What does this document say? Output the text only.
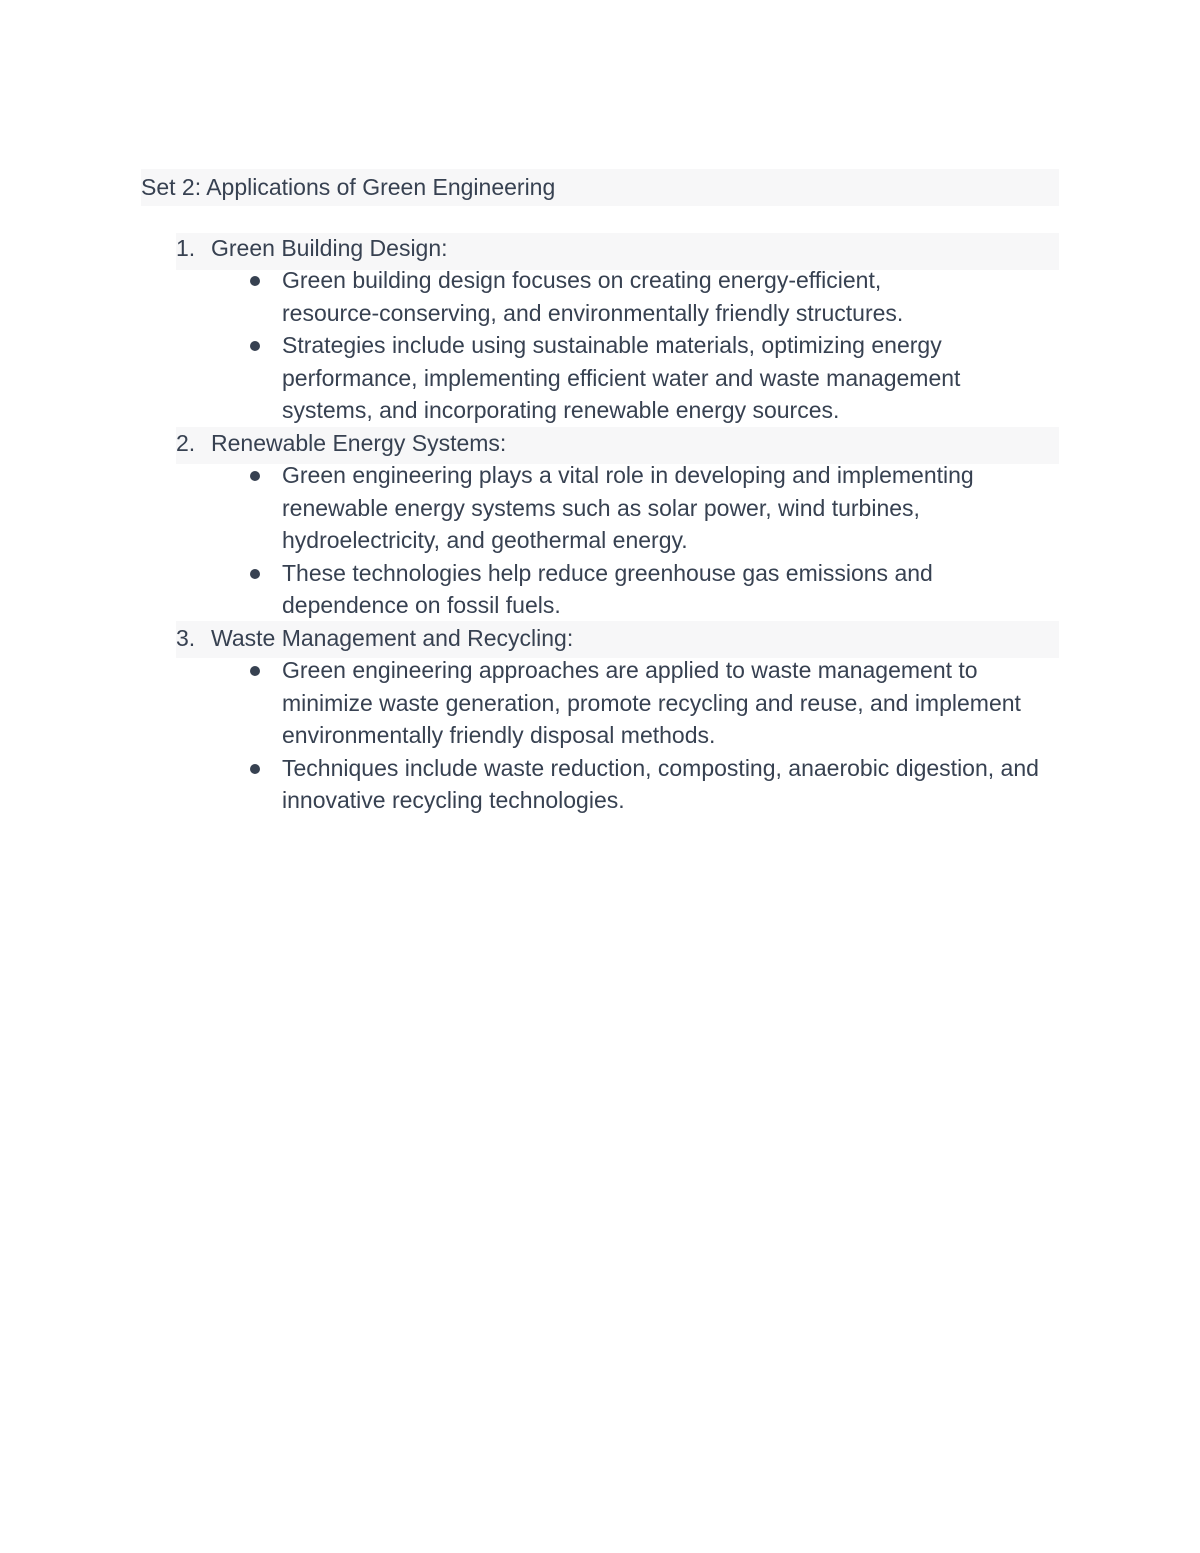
Set 2: Applications of Green Engineering
1. Green Building Design:
Green building design focuses on creating energy-efficient,
resource-conserving, and environmentally friendly structures.
Strategies include using sustainable materials, optimizing energy
performance, implementing efficient water and waste management
systems, and incorporating renewable energy sources.
2. Renewable Energy Systems:
Green engineering plays a vital role in developing and implementing
renewable energy systems such as solar power, wind turbines,
hydroelectricity, and geothermal energy.
These technologies help reduce greenhouse gas emissions and
dependence on fossil fuels.
3. Waste Management and Recycling:
Green engineering approaches are applied to waste management to
minimize waste generation, promote recycling and reuse, and implement
environmentally friendly disposal methods.
Techniques include waste reduction, composting, anaerobic digestion, and
innovative recycling technologies.
